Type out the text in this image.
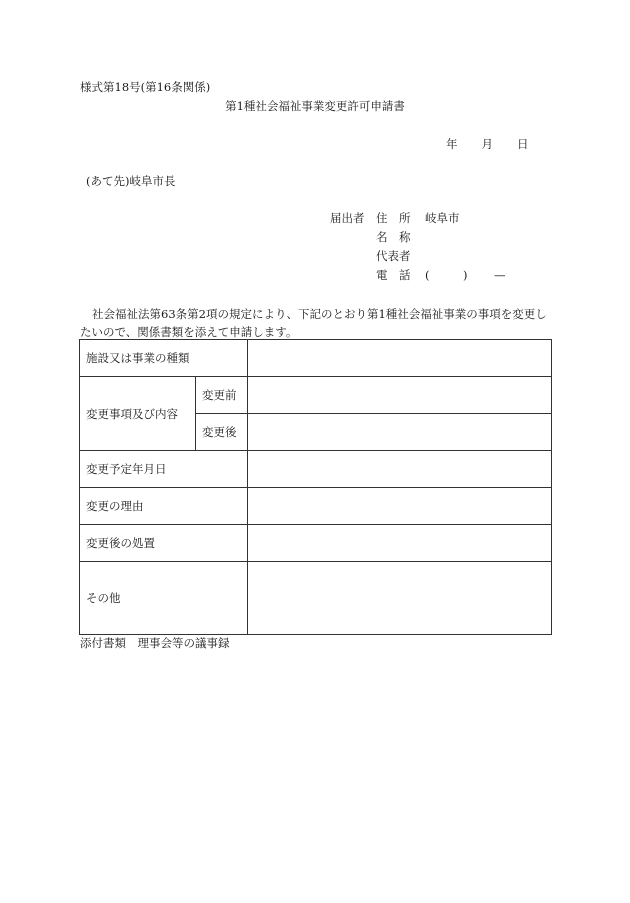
様式第18号(第16条関係)
第1種社会福祉事業変更許可申請書
年 月 日
(あて先)岐阜市長
届出者 住　所 岐阜市
名　称
代表者
電　話 (	) —
社会福祉法第63条第2項の規定により、下記のとおり第1種社会福祉事業の事項を変更したいので、関係書類を添えて申請します。
施設又は事業の種類		
変更事項及び内容	変更前	
	変更後	
変更予定年月日		
変更の理由		
変更後の処置		
その他		
添付書類　理事会等の議事録
